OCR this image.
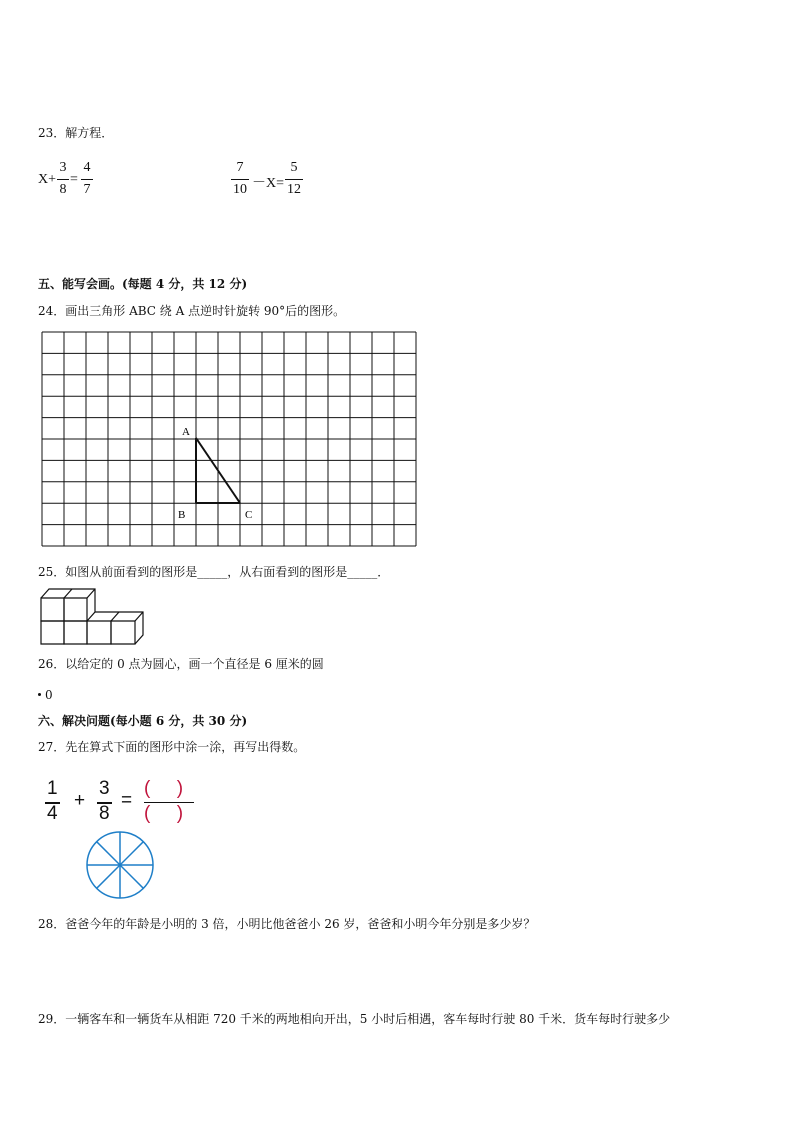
23．解方程．
X+
3
8
=
4
7
7
10 －X=
5
12
五、能写会画。(每题 4 分，共 12 分)
24．画出三角形 ABC 绕 A 点逆时针旋转 90°后的图形。
A
B	C
25．如图从前面看到的图形是_____，从右面看到的图形是_____．
26．以给定的 0 点为圆心，画一个直径是 6 厘米的圆
0
六、解决问题(每小题 6 分，共 30 分)
27．先在算式下面的图形中涂一涂，再写出得数。
1
4
+
3
8
=
(     )
(     )
28．爸爸今年的年龄是小明的 3 倍，小明比他爸爸小 26 岁，爸爸和小明今年分别是多少岁？
29．一辆客车和一辆货车从相距 720 千米的两地相向开出，5 小时后相遇，客车每时行驶 80 千米．货车每时行驶多少
